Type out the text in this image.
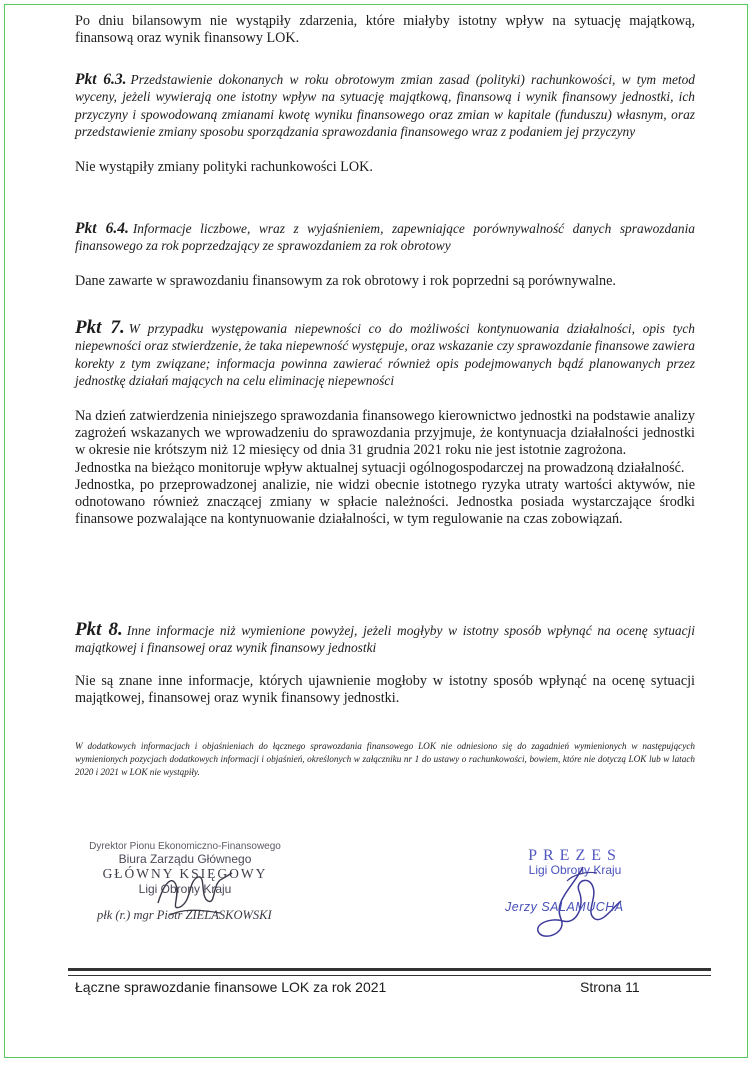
Po dniu bilansowym nie wystąpiły zdarzenia, które miałyby istotny wpływ na sytuację majątkową, finansową oraz wynik finansowy LOK.

Pkt 6.3. Przedstawienie dokonanych w roku obrotowym zmian zasad (polityki) rachunkowości, w tym metod wyceny, jeżeli wywierają one istotny wpływ na sytuację majątkową, finansową i wynik finansowy jednostki, ich przyczyny i spowodowaną zmianami kwotę wyniku finansowego oraz zmian w kapitale (funduszu) własnym, oraz przedstawienie zmiany sposobu sporządzania sprawozdania finansowego wraz z podaniem jej przyczyny

Nie wystąpiły zmiany polityki rachunkowości LOK.

Pkt 6.4. Informacje liczbowe, wraz z wyjaśnieniem, zapewniające porównywalność danych sprawozdania finansowego za rok poprzedzający ze sprawozdaniem za rok obrotowy

Dane zawarte w sprawozdaniu finansowym za rok obrotowy i rok poprzedni są porównywalne.

Pkt 7. W przypadku występowania niepewności co do możliwości kontynuowania działalności, opis tych niepewności oraz stwierdzenie, że taka niepewność występuje, oraz wskazanie czy sprawozdanie finansowe zawiera korekty z tym związane; informacja powinna zawierać również opis podejmowanych bądź planowanych przez jednostkę działań mających na celu eliminację niepewności

Na dzień zatwierdzenia niniejszego sprawozdania finansowego kierownictwo jednostki na podstawie analizy zagrożeń wskazanych we wprowadzeniu do sprawozdania przyjmuje, że kontynuacja działalności jednostki w okresie nie krótszym niż 12 miesięcy od dnia 31 grudnia 2021 roku nie jest istotnie zagrożona.

Jednostka na bieżąco monitoruje wpływ aktualnej sytuacji ogólnogospodarczej na prowadzoną działalność.

Jednostka, po przeprowadzonej analizie, nie widzi obecnie istotnego ryzyka utraty wartości aktywów, nie odnotowano również znaczącej zmiany w spłacie należności. Jednostka posiada wystarczające środki finansowe pozwalające na kontynuowanie działalności, w tym regulowanie na czas zobowiązań.

Pkt 8. Inne informacje niż wymienione powyżej, jeżeli mogłyby w istotny sposób wpłynąć na ocenę sytuacji majątkowej i finansowej oraz wynik finansowy jednostki

Nie są znane inne informacje, których ujawnienie mogłoby w istotny sposób wpłynąć na ocenę sytuacji majątkowej, finansowej oraz wynik finansowy jednostki.

W dodatkowych informacjach i objaśnieniach do łącznego sprawozdania finansowego LOK nie odniesiono się do zagadnień wymienionych w następujących wymienionych pozycjach dodatkowych informacji i objaśnień, określonych w załączniku nr 1 do ustawy o rachunkowości, bowiem, które nie dotyczą LOK lub w latach 2020 i 2021 w LOK nie wystąpiły.

Dyrektor Pionu Ekonomiczno-Finansowego
Biura Zarządu Głównego
GŁÓWNY KSIĘGOWY
Ligi Obrony Kraju
płk (r.) mgr Piotr ZIELASKOWSKI
PREZES
Ligi Obrony Kraju
Jerzy SALAMUCHA
Łączne sprawozdanie finansowe LOK za rok 2021	Strona 11
